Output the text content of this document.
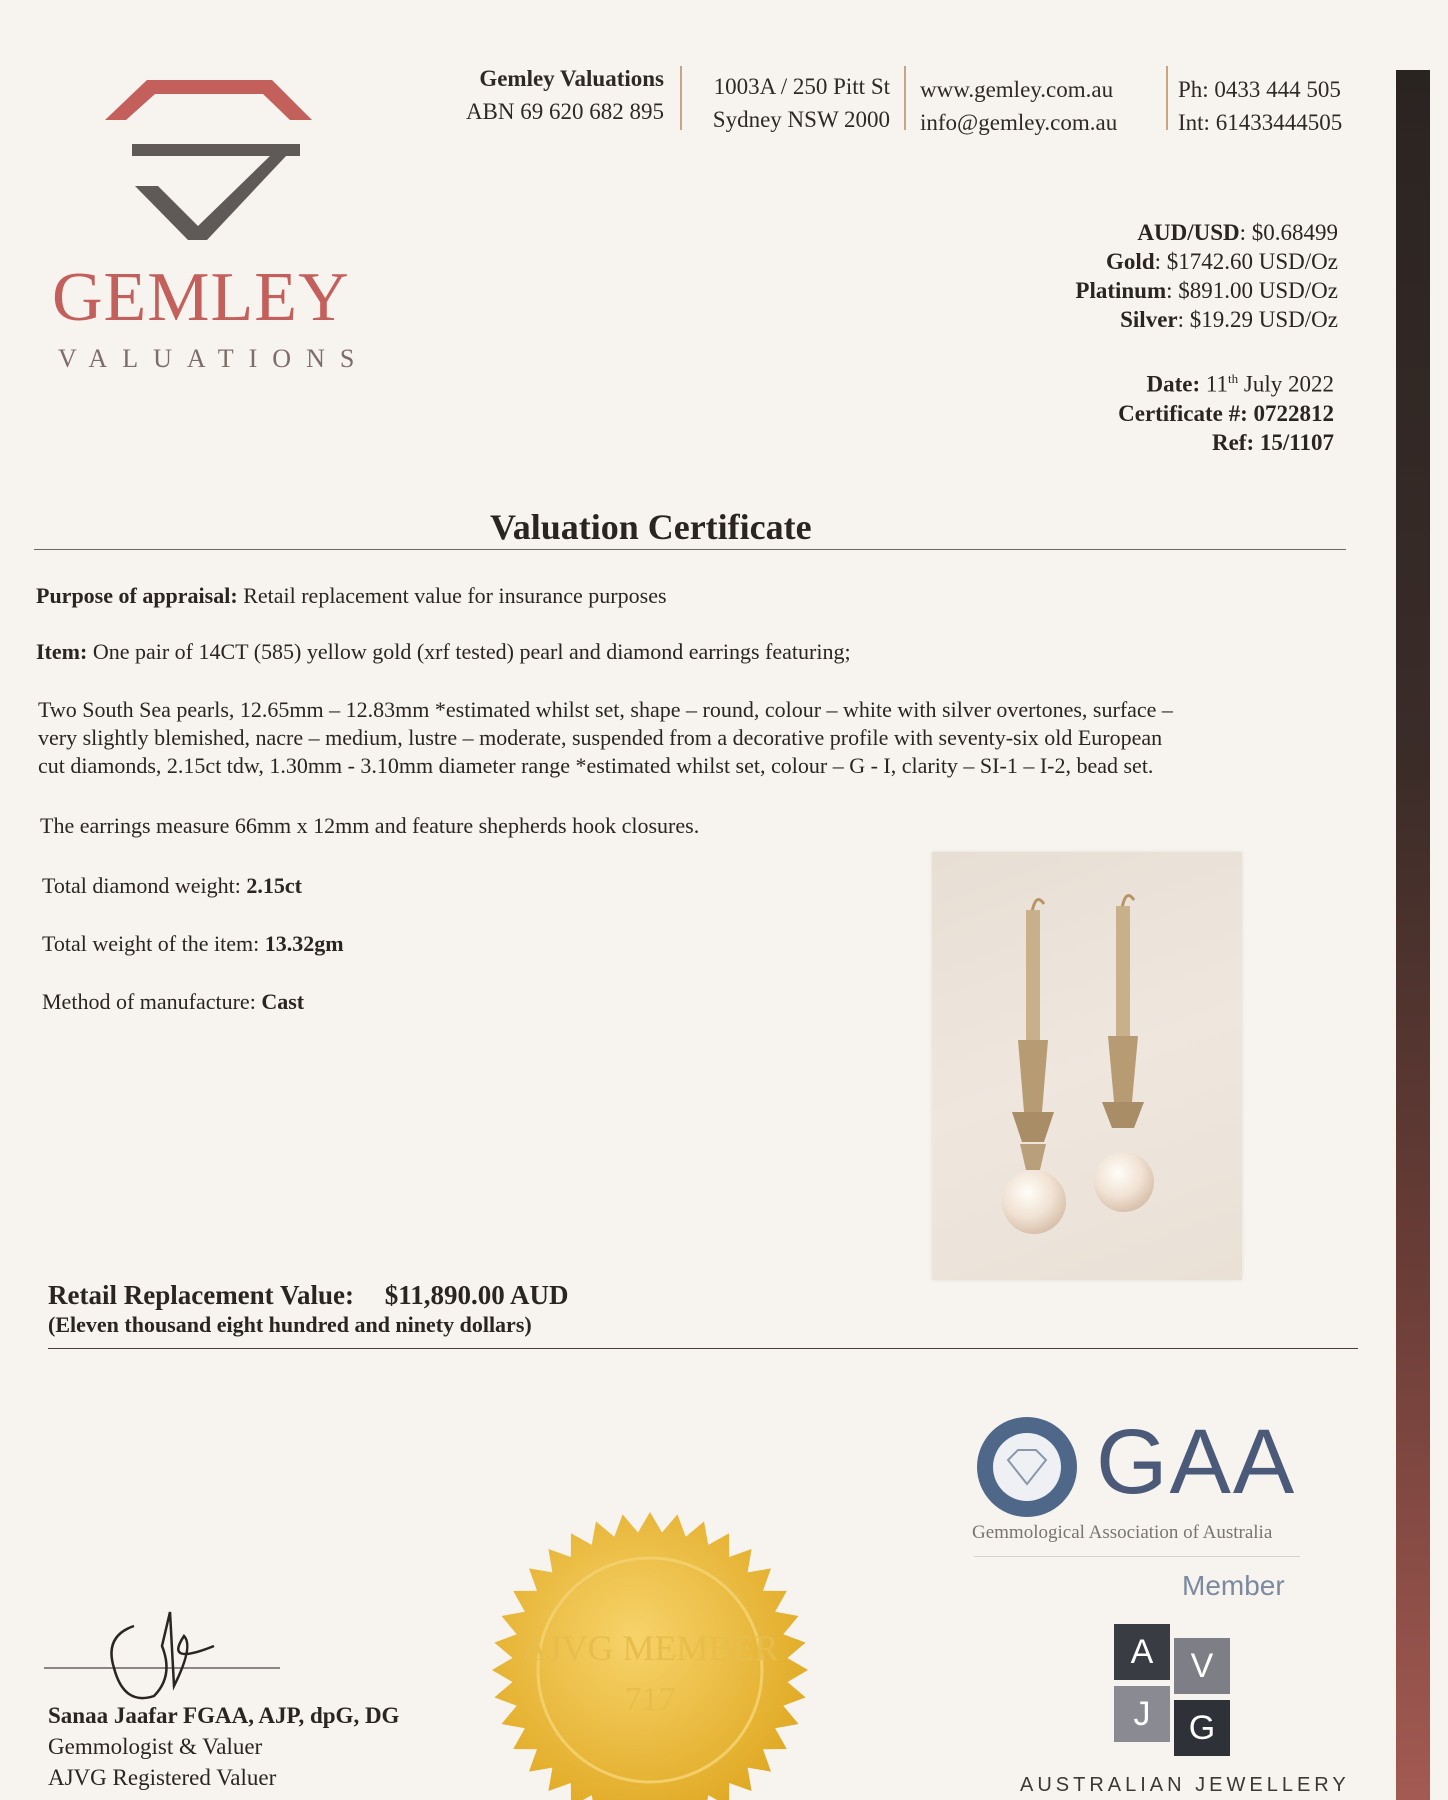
GEMLEY
VALUATIONS
Gemley Valuations
ABN 69 620 682 895
1003A / 250 Pitt St
Sydney NSW 2000
www.gemley.com.au
info@gemley.com.au
Ph: 0433 444 505
Int: 61433444505
AUD/USD: $0.68499
Gold: $1742.60 USD/Oz
Platinum: $891.00 USD/Oz
Silver: $19.29 USD/Oz
Date: 11th July 2022
Certificate #: 0722812
Ref: 15/1107
Valuation Certificate
Purpose of appraisal: Retail replacement value for insurance purposes
Item: One pair of 14CT (585) yellow gold (xrf tested) pearl and diamond earrings featuring;
Two South Sea pearls, 12.65mm – 12.83mm *estimated whilst set, shape – round, colour – white with silver overtones, surface –
very slightly blemished, nacre – medium, lustre – moderate, suspended from a decorative profile with seventy-six old European
cut diamonds, 2.15ct tdw, 1.30mm - 3.10mm diameter range *estimated whilst set, colour – G - I, clarity – SI-1 – I-2, bead set.
The earrings measure 66mm x 12mm and feature shepherds hook closures.
Total diamond weight: 2.15ct
Total weight of the item: 13.32gm
Method of manufacture: Cast
Retail Replacement Value: $11,890.00 AUD
(Eleven thousand eight hundred and ninety dollars)
GAA
Gemmological Association of Australia
Member
A	V
J	G
AUSTRALIAN JEWELLERY
AJVG MEMBER
717
Sanaa Jaafar FGAA, AJP, dpG, DG
Gemmologist & Valuer
AJVG Registered Valuer
